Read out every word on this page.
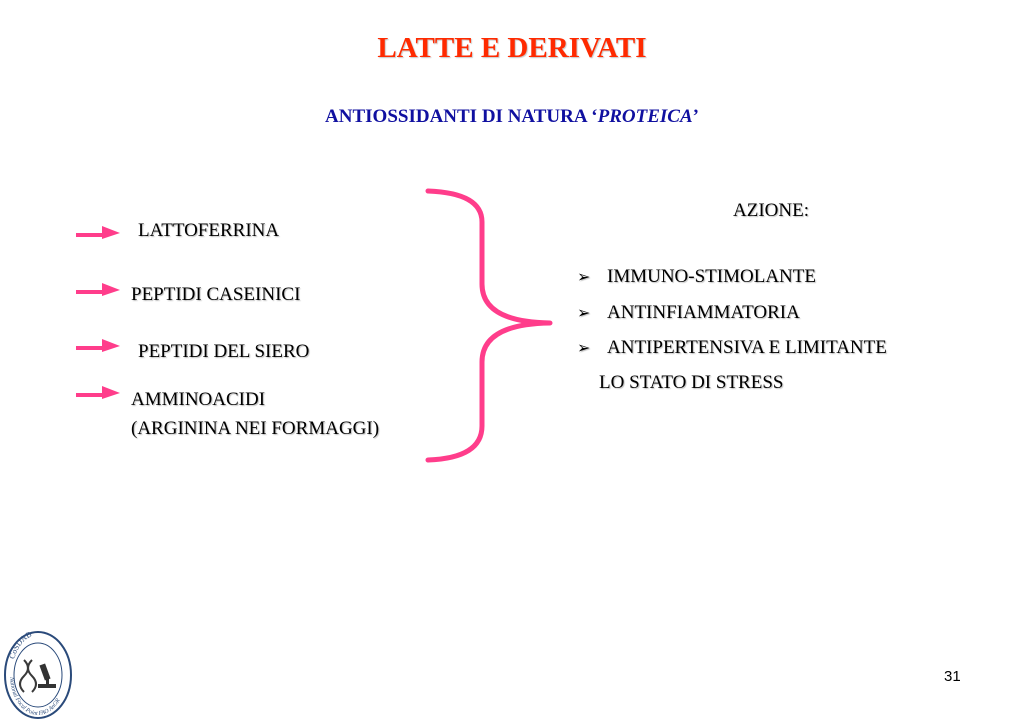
LATTE E DERIVATI
ANTIOSSIDANTI DI NATURA ‘PROTEICA’
LATTOFERRINA
PEPTIDI CASEINICI
PEPTIDI DEL SIERO
AMMINOACIDI
(ARGININA NEI FORMAGGI)
AZIONE:
➢ IMMUNO-STIMOLANTE
➢ ANTINFIAMMATORIA
➢ ANTIPERTENSIVA E LIMITANTE
LO STATO DI STRESS
CoSDAB
National Focal Point FAO AnGR
31
